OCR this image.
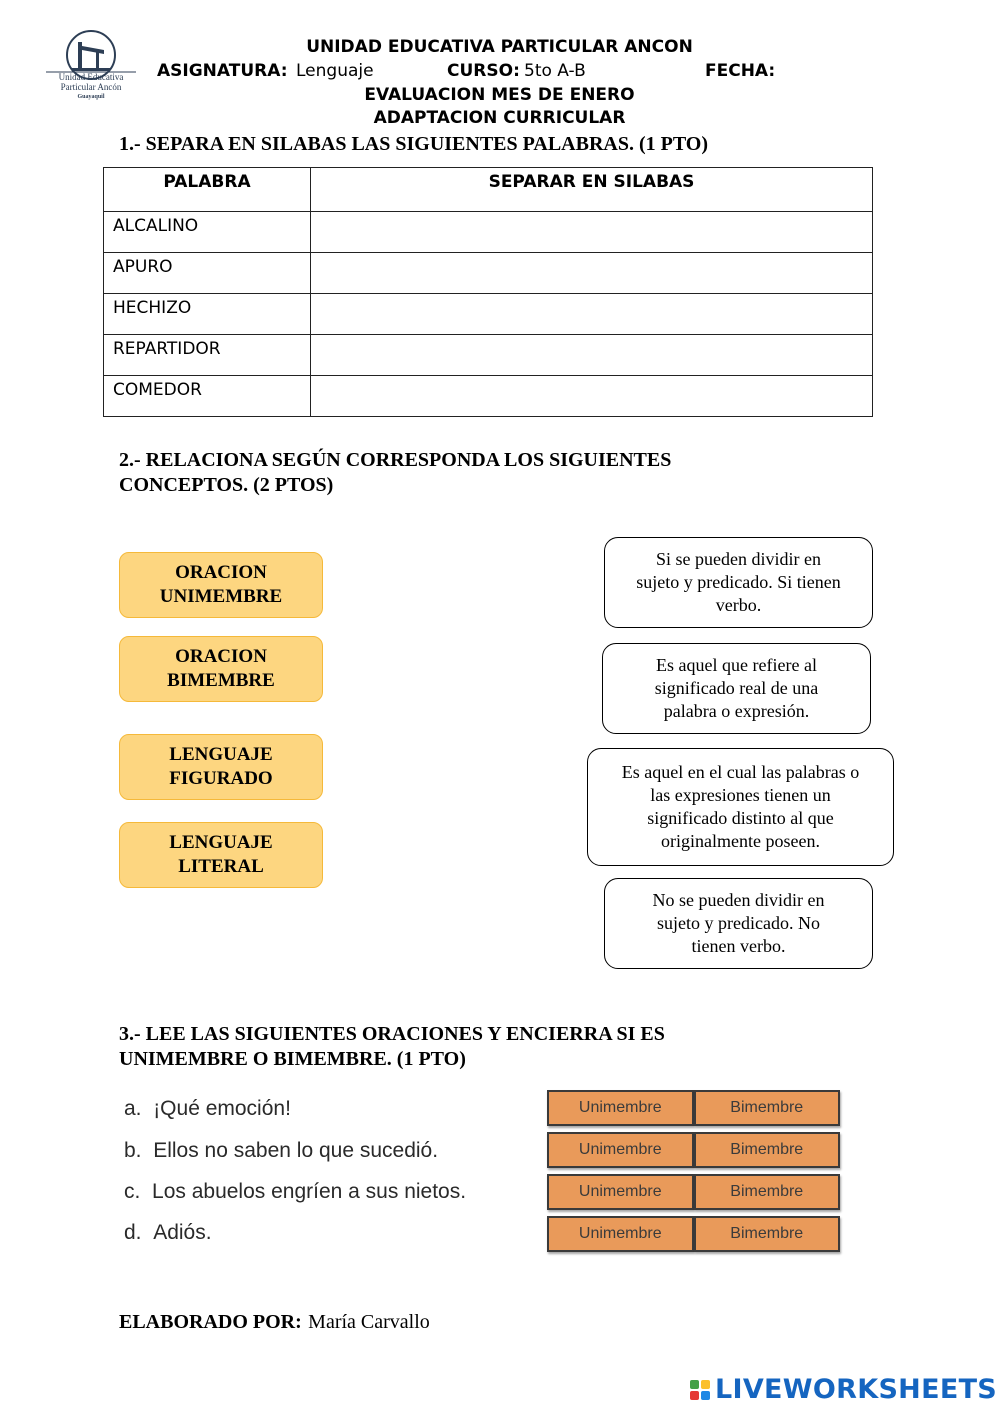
Unidad Educativa
Particular Ancón
Guayaquil
UNIDAD EDUCATIVA PARTICULAR ANCON
ASIGNATURA: Lenguaje	CURSO: 5to A-B	FECHA:
EVALUACION MES DE ENERO
ADAPTACION CURRICULAR
1.- SEPARA EN SILABAS LAS SIGUIENTES PALABRAS. (1 PTO)
PALABRA	SEPARAR EN SILABAS
ALCALINO	
APURO	
HECHIZO	
REPARTIDOR	
COMEDOR	
2.- RELACIONA SEGÚN CORRESPONDA LOS SIGUIENTES
CONCEPTOS. (2 PTOS)
ORACION
UNIMEMBRE
ORACION
BIMEMBRE
LENGUAJE
FIGURADO
LENGUAJE
LITERAL
Si se pueden dividir en
sujeto y predicado. Si tienen
verbo.
Es aquel que refiere al
significado real de una
palabra o expresión.
Es aquel en el cual las palabras o
las expresiones tienen un
significado distinto al que
originalmente poseen.
No se pueden dividir en
sujeto y predicado. No
tienen verbo.
3.- LEE LAS SIGUIENTES ORACIONES Y ENCIERRA SI ES
UNIMEMBRE O BIMEMBRE. (1 PTO)
a. ¡Qué emoción!
b. Ellos no saben lo que sucedió.
c. Los abuelos engríen a sus nietos.
d. Adiós.
Unimembre	Bimembre
Unimembre	Bimembre
Unimembre	Bimembre
Unimembre	Bimembre
ELABORADO POR: María Carvallo
LIVEWORKSHEETS
